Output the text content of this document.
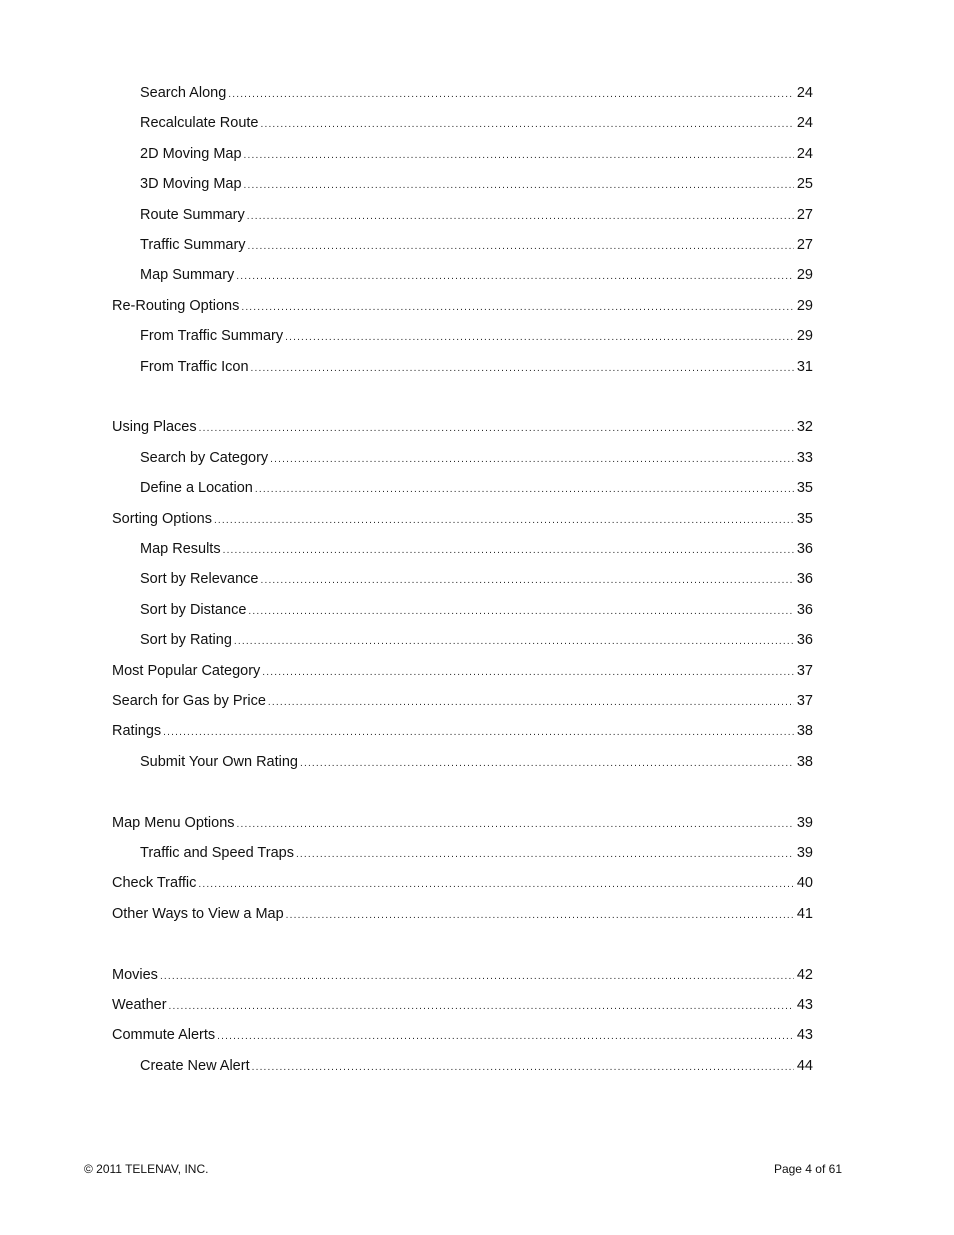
Search Along .....	24
Recalculate Route .....	24
2D Moving Map .....	24
3D Moving Map .....	25
Route Summary .....	27
Traffic Summary .....	27
Map Summary .....	29
Re-Routing Options .....	29
From Traffic Summary .....	29
From Traffic Icon .....	31
Using Places .....	32
Search by Category .....	33
Define a Location .....	35
Sorting Options .....	35
Map Results .....	36
Sort by Relevance .....	36
Sort by Distance .....	36
Sort by Rating .....	36
Most Popular Category .....	37
Search for Gas by Price .....	37
Ratings .....	38
Submit Your Own Rating .....	38
Map Menu Options .....	39
Traffic and Speed Traps .....	39
Check Traffic .....	40
Other Ways to View a Map .....	41
Movies .....	42
Weather .....	43
Commute Alerts .....	43
Create New Alert .....	44
© 2011 TELENAV, INC.	Page 4 of 61
